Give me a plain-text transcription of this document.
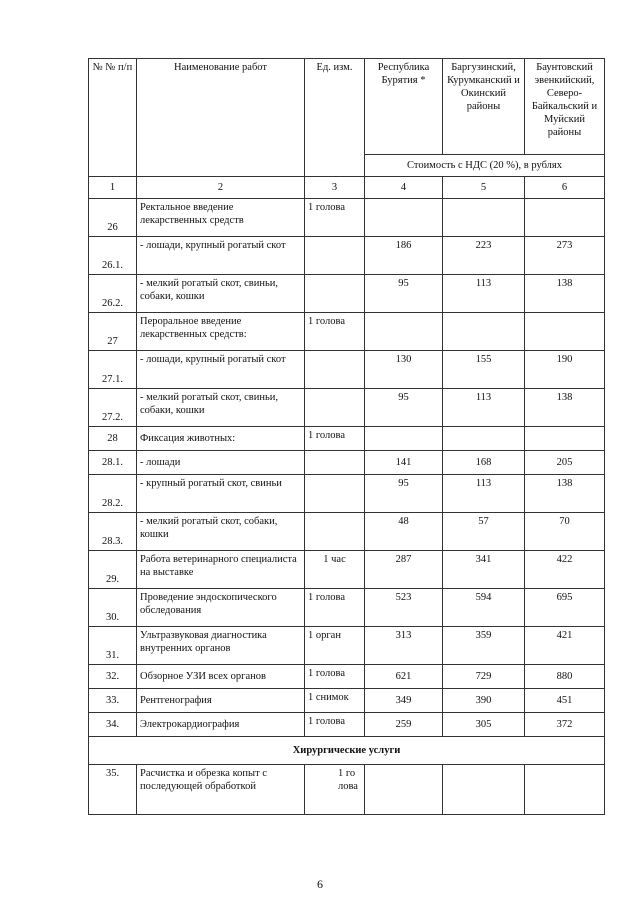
№ № п/п	Наименование работ	Ед. изм.	Республика Бурятия *	Баргузинский, Курумканский и Окинский районы	Баунтовский эвенкийский, Северо-Байкальский и Муйский районы
			Стоимость с НДС (20 %), в рублях		
1	2	3	4	5	6
26	Ректальное введение лекарственных средств	1 голова			
26.1.	- лошади, крупный рогатый скот		186	223	273
26.2.	- мелкий рогатый скот, свиньи, собаки, кошки		95	113	138
27	Пероральное введение лекарственных средств:	1 голова			
27.1.	- лошади, крупный рогатый скот		130	155	190
27.2.	- мелкий рогатый скот, свиньи, собаки, кошки		95	113	138
28	Фиксация животных:	1 голова			
28.1.	- лошади		141	168	205
28.2.	- крупный рогатый скот, свиньи		95	113	138
28.3.	- мелкий рогатый скот, собаки, кошки		48	57	70
29.	Работа ветеринарного специалиста на выставке	1 час	287	341	422
30.	Проведение эндоскопического обследования	1 голова	523	594	695
31.	Ультразвуковая диагностика внутренних органов	1 орган	313	359	421
32.	Обзорное УЗИ всех органов	1 голова	621	729	880
33.	Рентгенография	1 снимок	349	390	451
34.	Электрокардиография	1 голова	259	305	372
Хирургические услуги					
35.	Расчистка и обрезка копыт с последующей обработкой	1 голова			

6
